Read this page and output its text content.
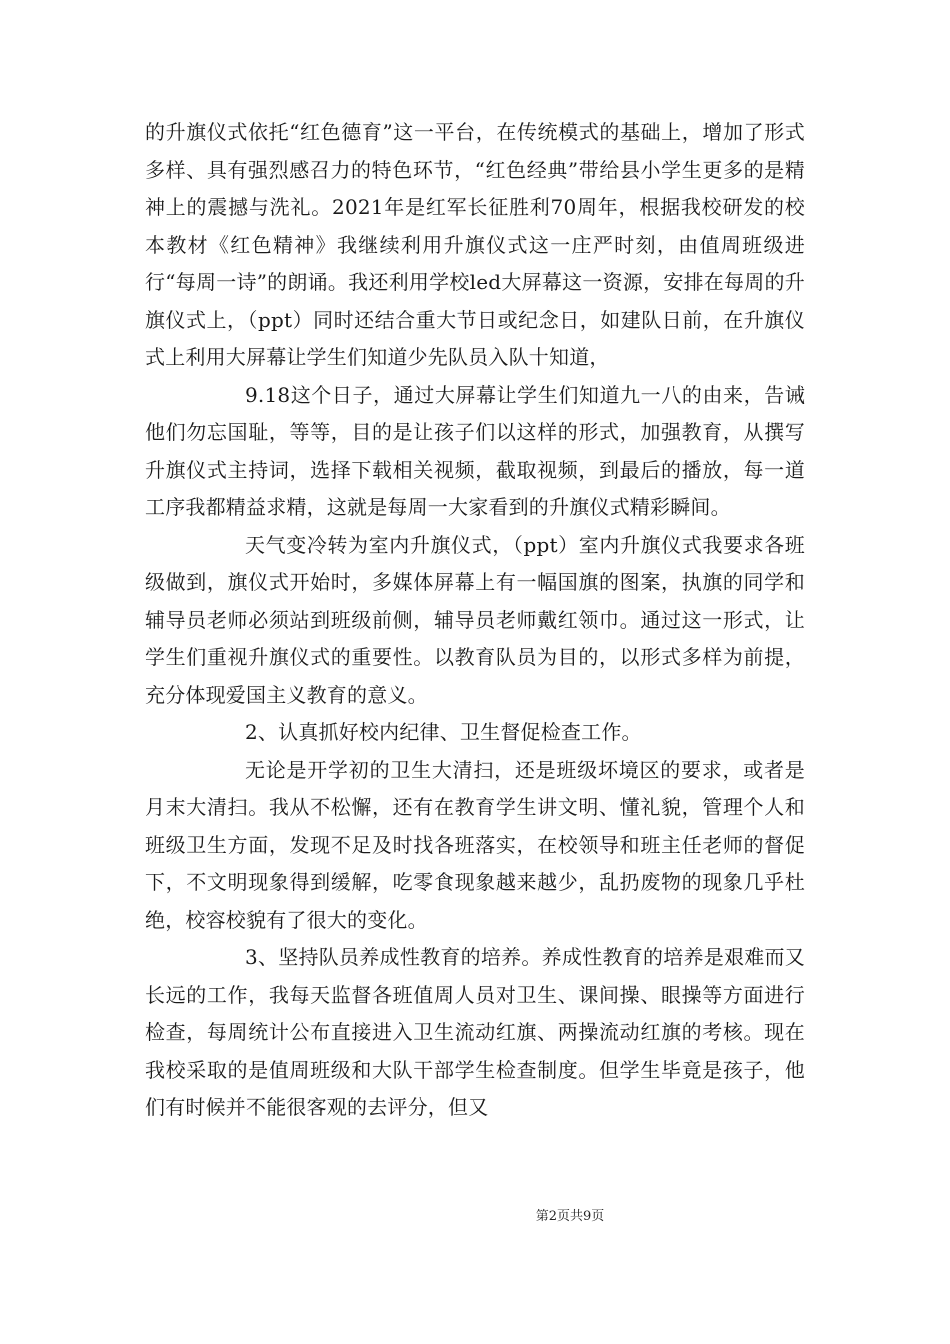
的升旗仪式依托“红色德育”这一平台，在传统模式的基础上，增加了形式多样、具有强烈感召力的特色环节，“红色经典”带给县小学生更多的是精神上的震撼与洗礼。2021年是红军长征胜利70周年，根据我校研发的校本教材《红色精神》我继续利用升旗仪式这一庄严时刻，由值周班级进行“每周一诗”的朗诵。我还利用学校led大屏幕这一资源，安排在每周的升旗仪式上，（ppt）同时还结合重大节日或纪念日，如建队日前，在升旗仪式上利用大屏幕让学生们知道少先队员入队十知道，

9.18这个日子，通过大屏幕让学生们知道九一八的由来，告诫他们勿忘国耻，等等，目的是让孩子们以这样的形式，加强教育，从撰写升旗仪式主持词，选择下载相关视频，截取视频，到最后的播放，每一道工序我都精益求精，这就是每周一大家看到的升旗仪式精彩瞬间。

天气变冷转为室内升旗仪式，（ppt）室内升旗仪式我要求各班级做到，旗仪式开始时，多媒体屏幕上有一幅国旗的图案，执旗的同学和辅导员老师必须站到班级前侧，辅导员老师戴红领巾。通过这一形式，让学生们重视升旗仪式的重要性。以教育队员为目的，以形式多样为前提，充分体现爱国主义教育的意义。

2、认真抓好校内纪律、卫生督促检查工作。

无论是开学初的卫生大清扫，还是班级坏境区的要求，或者是月末大清扫。我从不松懈，还有在教育学生讲文明、懂礼貌，管理个人和班级卫生方面，发现不足及时找各班落实，在校领导和班主任老师的督促下，不文明现象得到缓解，吃零食现象越来越少，乱扔废物的现象几乎杜绝，校容校貌有了很大的变化。

3、坚持队员养成性教育的培养。养成性教育的培养是艰难而又长远的工作，我每天监督各班值周人员对卫生、课间操、眼操等方面进行检查，每周统计公布直接进入卫生流动红旗、两操流动红旗的考核。现在我校采取的是值周班级和大队干部学生检查制度。但学生毕竟是孩子，他们有时候并不能很客观的去评分，但又

第2页共9页
